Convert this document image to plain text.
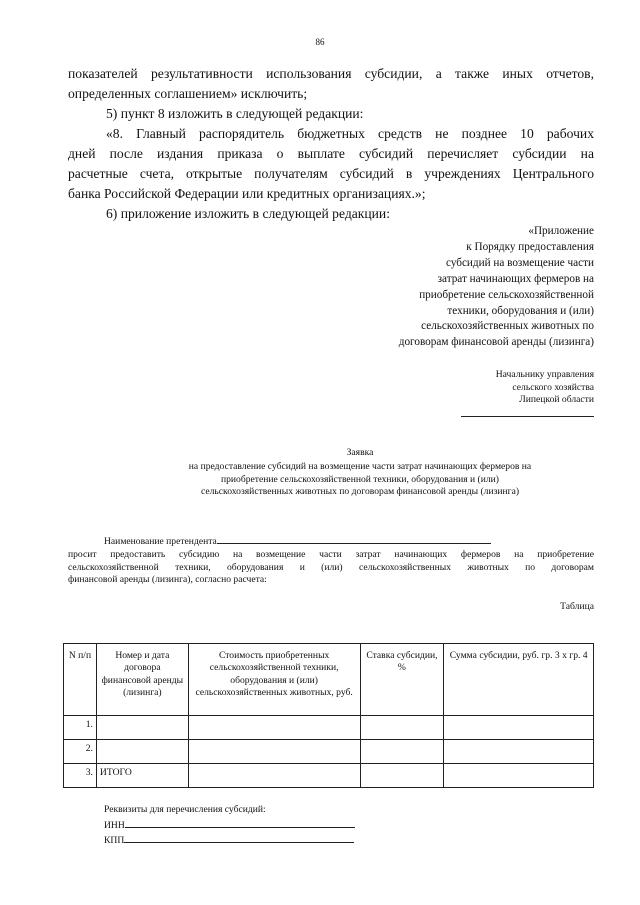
86
показателей результативности использования субсидии, а также иных отчетов,
определенных соглашением» исключить;
5) пункт 8 изложить в следующей редакции:
«8. Главный распорядитель бюджетных средств не позднее 10 рабочих
дней после издания приказа о выплате субсидий перечисляет субсидии на
расчетные счета, открытые получателям субсидий в учреждениях Центрального
банка Российской Федерации или кредитных организациях.»;
6) приложение изложить в следующей редакции:
«Приложение
к Порядку предоставления
субсидий на возмещение части
затрат начинающих фермеров на
приобретение сельскохозяйственной
техники, оборудования и (или)
сельскохозяйственных животных по
договорам финансовой аренды (лизинга)
Начальнику управления
сельского хозяйства
Липецкой области
Заявка
на предоставление субсидий на возмещение части затрат начинающих фермеров на
приобретение сельскохозяйственной техники, оборудования и (или)
сельскохозяйственных животных по договорам финансовой аренды (лизинга)
Наименование претендента
просит предоставить субсидию на возмещение части затрат начинающих фермеров на приобретение
сельскохозяйственной техники, оборудования и (или) сельскохозяйственных животных по договорам
финансовой аренды (лизинга), согласно расчета:
Таблица
N п/п	Номер и дата договора финансовой аренды (лизинга)	Стоимость приобретенных сельскохозяйственной техники, оборудования и (или) сельскохозяйственных животных, руб.	Ставка субсидии, %	Сумма субсидии, руб. гр. 3 х гр. 4
1.				
2.				
3.	ИТОГО			
Реквизиты для перечисления субсидий:
ИНН
КПП
